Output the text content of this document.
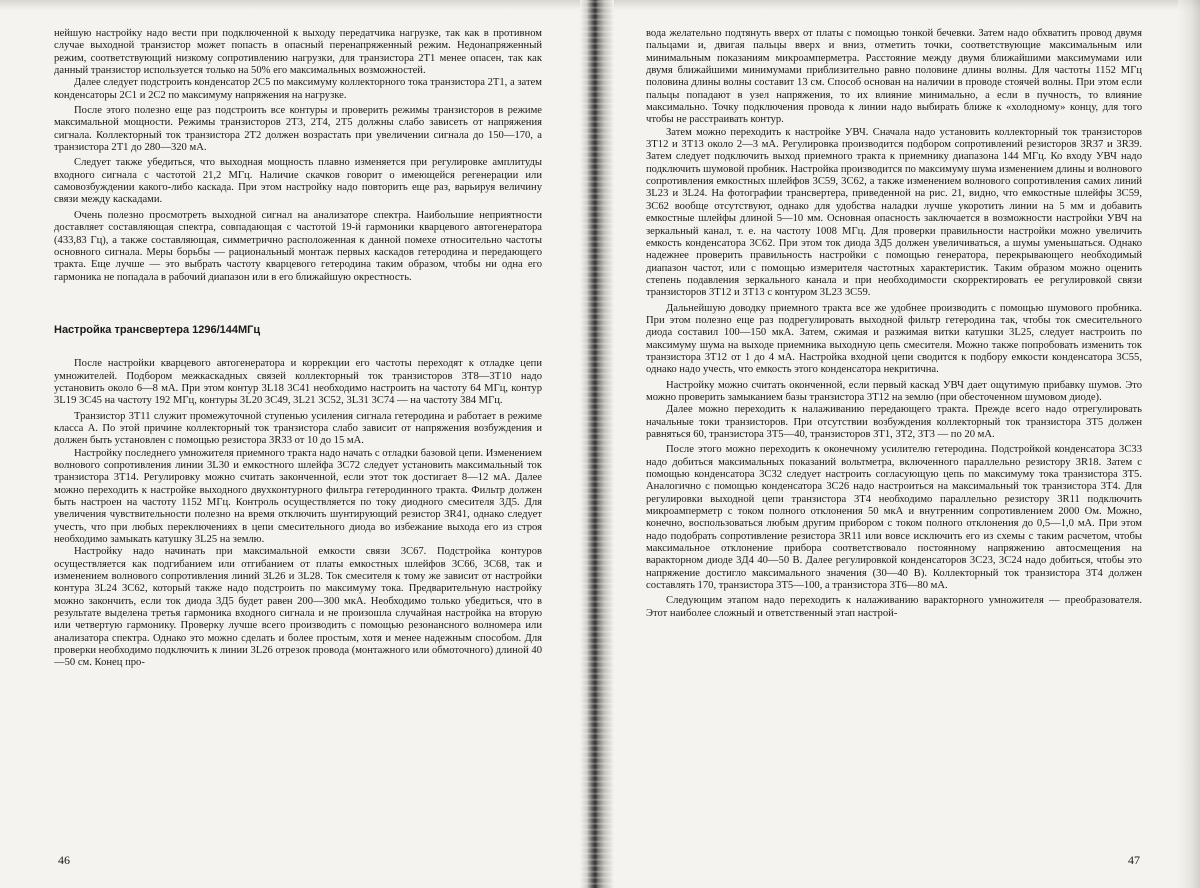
нейшую настройку надо вести при подключенной к выходу передатчика нагрузке, так как в противном случае выходной транзистор может попасть в опасный перенапряженный режим. Недонапряженный режим, соответствующий низкому сопротивлению нагрузки, для транзистора 2Т1 менее опасен, так как данный транзистор используется только на 50% его максимальных возможностей.

Далее следует подстроить конденсатор 2С5 по максимуму коллекторного тока транзистора 2Т1, а затем конденсаторы 2С1 и 2С2 по максимуму напряжения на нагрузке.

После этого полезно еще раз подстроить все контуры и проверить режимы транзисторов в режиме максимальной мощности. Режимы транзисторов 2Т3, 2Т4, 2Т5 должны слабо зависеть от напряжения сигнала. Коллекторный ток транзистора 2Т2 должен возрастать при увеличении сигнала до 150—170, а транзистора 2Т1 до 280—320 мА.

Следует также убедиться, что выходная мощность плавно изменяется при регулировке амплитуды входного сигнала с частотой 21,2 МГц. Наличие скачков говорит о имеющейся регенерации или самовозбуждении какого-либо каскада. При этом настройку надо повторить еще раз, варьируя величину связи между каскадами.

Очень полезно просмотреть выходной сигнал на анализаторе спектра. Наибольшие неприятности доставляет составляющая спектра, совпадающая с частотой 19-й гармоники кварцевого автогенератора (433,83 Гц), а также составляющая, симметрично расположенная к данной помехе относительно частоты основного сигнала. Меры борьбы — рациональный монтаж первых каскадов гетеродина и передающего тракта. Еще лучше — это выбрать частоту кварцевого гетеродина таким образом, чтобы ни одна его гармоника не попадала в рабочий диапазон или в его ближайшую окрестность.

Настройка трансвертера 1296/144МГц

После настройки кварцевого автогенератора и коррекции его частоты переходят к отладке цепи умножителей. Подбором межкаскадных связей коллекторный ток транзисторов 3Т8—3Т10 надо установить около 6—8 мА. При этом контур 3L18 3С41 необходимо настроить на частоту 64 МГц, контур 3L19 3С45 на частоту 192 МГц, контуры 3L20 3С49, 3L21 3С52, 3L31 3С74 — на частоту 384 МГц.

Транзистор 3Т11 служит промежуточной ступенью усиления сигнала гетеродина и работает в режиме класса А. По этой причине коллекторный ток транзистора слабо зависит от напряжения возбуждения и должен быть установлен с помощью резистора 3R33 от 10 до 15 мА.

Настройку последнего умножителя приемного тракта надо начать с отладки базовой цепи. Изменением волнового сопротивления линии 3L30 и емкостного шлейфа 3С72 следует установить максимальный ток транзистора 3Т14. Регулировку можно считать законченной, если этот ток достигает 8—12 мА. Далее можно переходить к настройке выходного двухконтурного фильтра гетеродинного тракта. Фильтр должен быть настроен на частоту 1152 МГц. Контроль осуществляется по току диодного смесителя 3Д5. Для увеличения чувствительности полезно на время отключить шунтирующий резистор 3R41, однако следует учесть, что при любых переключениях в цепи смесительного диода во избежание выхода его из строя необходимо замыкать катушку 3L25 на землю.

Настройку надо начинать при максимальной емкости связи 3С67. Подстройка контуров осуществляется как подгибанием или отгибанием от платы емкостных шлейфов 3С66, 3С68, так и изменением волнового сопротивления линий 3L26 и 3L28. Ток смесителя к тому же зависит от настройки контура 3L24 3С62, который также надо подстроить по максимуму тока. Предварительную настройку можно закончить, если ток диода 3Д5 будет равен 200—300 мкА. Необходимо только убедиться, что в результате выделена третья гармоника входного сигнала и не произошла случайная настройка на вторую или четвертую гармонику. Проверку лучше всего производить с помощью резонансного волномера или анализатора спектра. Однако это можно сделать и более простым, хотя и менее надежным способом. Для проверки необходимо подключить к линии 3L26 отрезок провода (монтажного или обмоточного) длиной 40—50 см. Конец про-

46

вода желательно подтянуть вверх от платы с помощью тонкой бечевки. Затем надо обхватить провод двумя пальцами и, двигая пальцы вверх и вниз, отметить точки, соответствующие максимальным или минимальным показаниям микроамперметра. Расстояние между двумя ближайшими максимумами или двумя ближайшими минимумами приблизительно равно половине длины волны. Для частоты 1152 МГц половина длины волны составит 13 см. Способ основан на наличии в проводе стоячей волны. При этом если пальцы попадают в узел напряжения, то их влияние минимально, а если в пучность, то влияние максимально. Точку подключения провода к линии надо выбирать ближе к «холодному» концу, для того чтобы не расстраивать контур.

Затем можно переходить к настройке УВЧ. Сначала надо установить коллекторный ток транзисторов 3Т12 и 3Т13 около 2—3 мА. Регулировка производится подбором сопротивлений резисторов 3R37 и 3R39. Затем следует подключить выход приемного тракта к приемнику диапазона 144 МГц. Ко входу УВЧ надо подключить шумовой пробник. Настройка производится по максимуму шума изменением длины и волнового сопротивления емкостных шлейфов 3С59, 3С62, а также изменением волнового сопротивления самих линий 3L23 и 3L24. На фотографии трансвертера, приведенной на рис. 21, видно, что емкостные шлейфы 3С59, 3С62 вообще отсутствуют, однако для удобства наладки лучше укоротить линии на 5 мм и добавить емкостные шлейфы длиной 5—10 мм. Основная опасность заключается в возможности настройки УВЧ на зеркальный канал, т. е. на частоту 1008 МГц. Для проверки правильности настройки можно увеличить емкость конденсатора 3С62. При этом ток диода 3Д5 должен увеличиваться, а шумы уменьшаться. Однако надежнее проверить правильность настройки с помощью генератора, перекрывающего необходимый диапазон частот, или с помощью измерителя частотных характеристик. Таким образом можно оценить степень подавления зеркального канала и при необходимости скорректировать ее регулировкой связи транзисторов 3Т12 и 3Т13 с контуром 3L23 3С59.

Дальнейшую доводку приемного тракта все же удобнее производить с помощью шумового пробника. При этом полезно еще раз подрегулировать выходной фильтр гетеродина так, чтобы ток смесительного диода составил 100—150 мкА. Затем, сжимая и разжимая витки катушки 3L25, следует настроить по максимуму шума на выходе приемника выходную цепь смесителя. Можно также попробовать изменить ток транзистора 3Т12 от 1 до 4 мА. Настройка входной цепи сводится к подбору емкости конденсатора 3С55, однако надо учесть, что емкость этого конденсатора некритична.

Настройку можно считать оконченной, если первый каскад УВЧ дает ощутимую прибавку шумов. Это можно проверить замыканием базы транзистора 3Т12 на землю (при обесточенном шумовом диоде).

Далее можно переходить к налаживанию передающего тракта. Прежде всего надо отрегулировать начальные токи транзисторов. При отсутствии возбуждения коллекторный ток транзистора 3Т5 должен равняться 60, транзистора 3Т5—40, транзисторов 3Т1, 3Т2, 3Т3 — по 20 мА.

После этого можно переходить к оконечному усилителю гетеродина. Подстройкой конденсатора 3С33 надо добиться максимальных показаний вольтметра, включенного параллельно резистору 3R18. Затем с помощью конденсатора 3С32 следует настроить согласующую цепь по максимуму тока транзистора 3Т5. Аналогично с помощью конденсатора 3С26 надо настроиться на максимальный ток транзистора 3Т4. Для регулировки выходной цепи транзистора 3Т4 необходимо параллельно резистору 3R11 подключить микроамперметр с током полного отклонения 50 мкА и внутренним сопротивлением 2000 Ом. Можно, конечно, воспользоваться любым другим прибором с током полного отклонения до 0,5—1,0 мА. При этом надо подобрать сопротивление резистора 3R11 или вовсе исключить его из схемы с таким расчетом, чтобы максимальное отклонение прибора соответствовало постоянному напряжению автосмещения на варакторном диоде 3Д4 40—50 В. Далее регулировкой конденсаторов 3С23, 3С24 надо добиться, чтобы это напряжение достигло максимального значения (30—40 В). Коллекторный ток транзистора 3Т4 должен составлять 170, транзистора 3Т5—100, а транзистора 3Т6—80 мА.

Следующим этапом надо переходить к налаживанию варакторного умножителя — преобразователя. Этот наиболее сложный и ответственный этап настрой-

47
